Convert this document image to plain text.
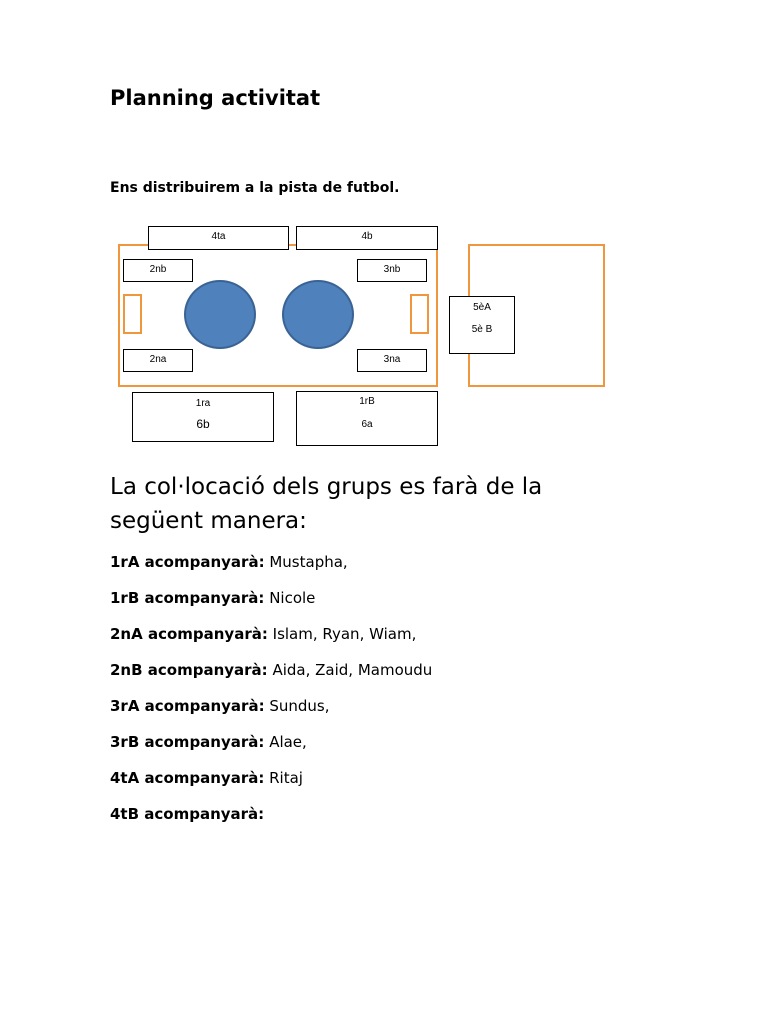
Planning activitat
Ens distribuirem a la pista de futbol.
4ta	4b
2nb	3nb
2na	3na
5èA
5è B
1ra
6b
1rB
6a
La col·locació dels grups es farà de la següent manera:
1rA acompanyarà: Mustapha,
1rB acompanyarà: Nicole
2nA acompanyarà: Islam, Ryan, Wiam,
2nB acompanyarà: Aida, Zaid, Mamoudu
3rA acompanyarà: Sundus,
3rB acompanyarà: Alae,
4tA acompanyarà: Ritaj
4tB acompanyarà:
